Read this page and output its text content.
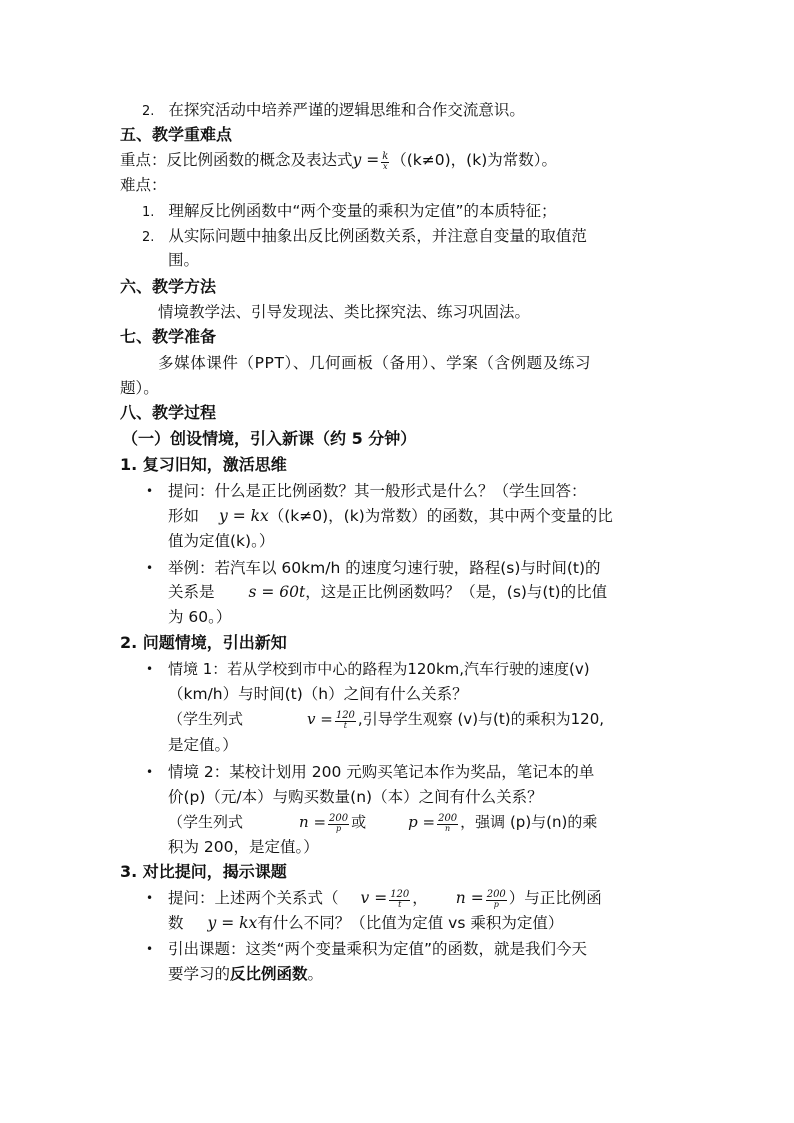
2. 在探究活动中培养严谨的逻辑思维和合作交流意识。
五、教学重难点
重点：反比例函数的概念及表达式$y = \frac{k}{x} ((k\ne 0)$，(k)为常数）。
难点：
1. 理解反比例函数中“两个变量的乘积为定值”的本质特征；
2. 从实际问题中抽象出反比例函数关系，并注意自变量的取值范
围。
六、教学方法
情境教学法、引导发现法、类比探究法、练习巩固法。
七、教学准备
多媒体课件（PPT）、几何画板（备用）、学案（含例题及练习
题）。
八、教学过程
（一）创设情境，引入新课（约 5 分钟）
1. 复习旧知，激活思维
• 提问：什么是正比例函数？其一般形式是什么？（学生回答：
形如 y = kx（(k≠0)，(k)为常数）的函数，其中两个变量的比
值为定值(k)。）
• 举例：若汽车以 60km/h 的速度匀速行驶，路程(s)与时间(t)的
关系是 s = 60t，这是正比例函数吗？（是，(s)与(t)的比值
为 60。）
2. 问题情境，引出新知
• 情境 1：若从学校到市中心的路程为120km,汽车行驶的速度(v)
（km/h）与时间(t)（h）之间有什么关系？
（学生列式	$v = \frac{120}{t}$ ,引导学生观察 (v)与(t)的乘积为120,
是定值。）
• 情境 2：某校计划用 200 元购买笔记本作为奖品，笔记本的单
价(p)（元/本）与购买数量(n)（本）之间有什么关系？
（学生列式	$n = \frac{200}{p}$ 或	$p = \frac{200}{n}$ ，强调 (p)与(n)的乘
积为 200，是定值。）
3. 对比提问，揭示课题
• 提问：上述两个关系式（ $v = \frac{120}{t}$ ， $n = \frac{200}{p}$ ）与正比例函
数 y = kx有什么不同？（比值为定值 vs 乘积为定值）
• 引出课题：这类“两个变量乘积为定值”的函数，就是我们今天
要学习的反比例函数。
